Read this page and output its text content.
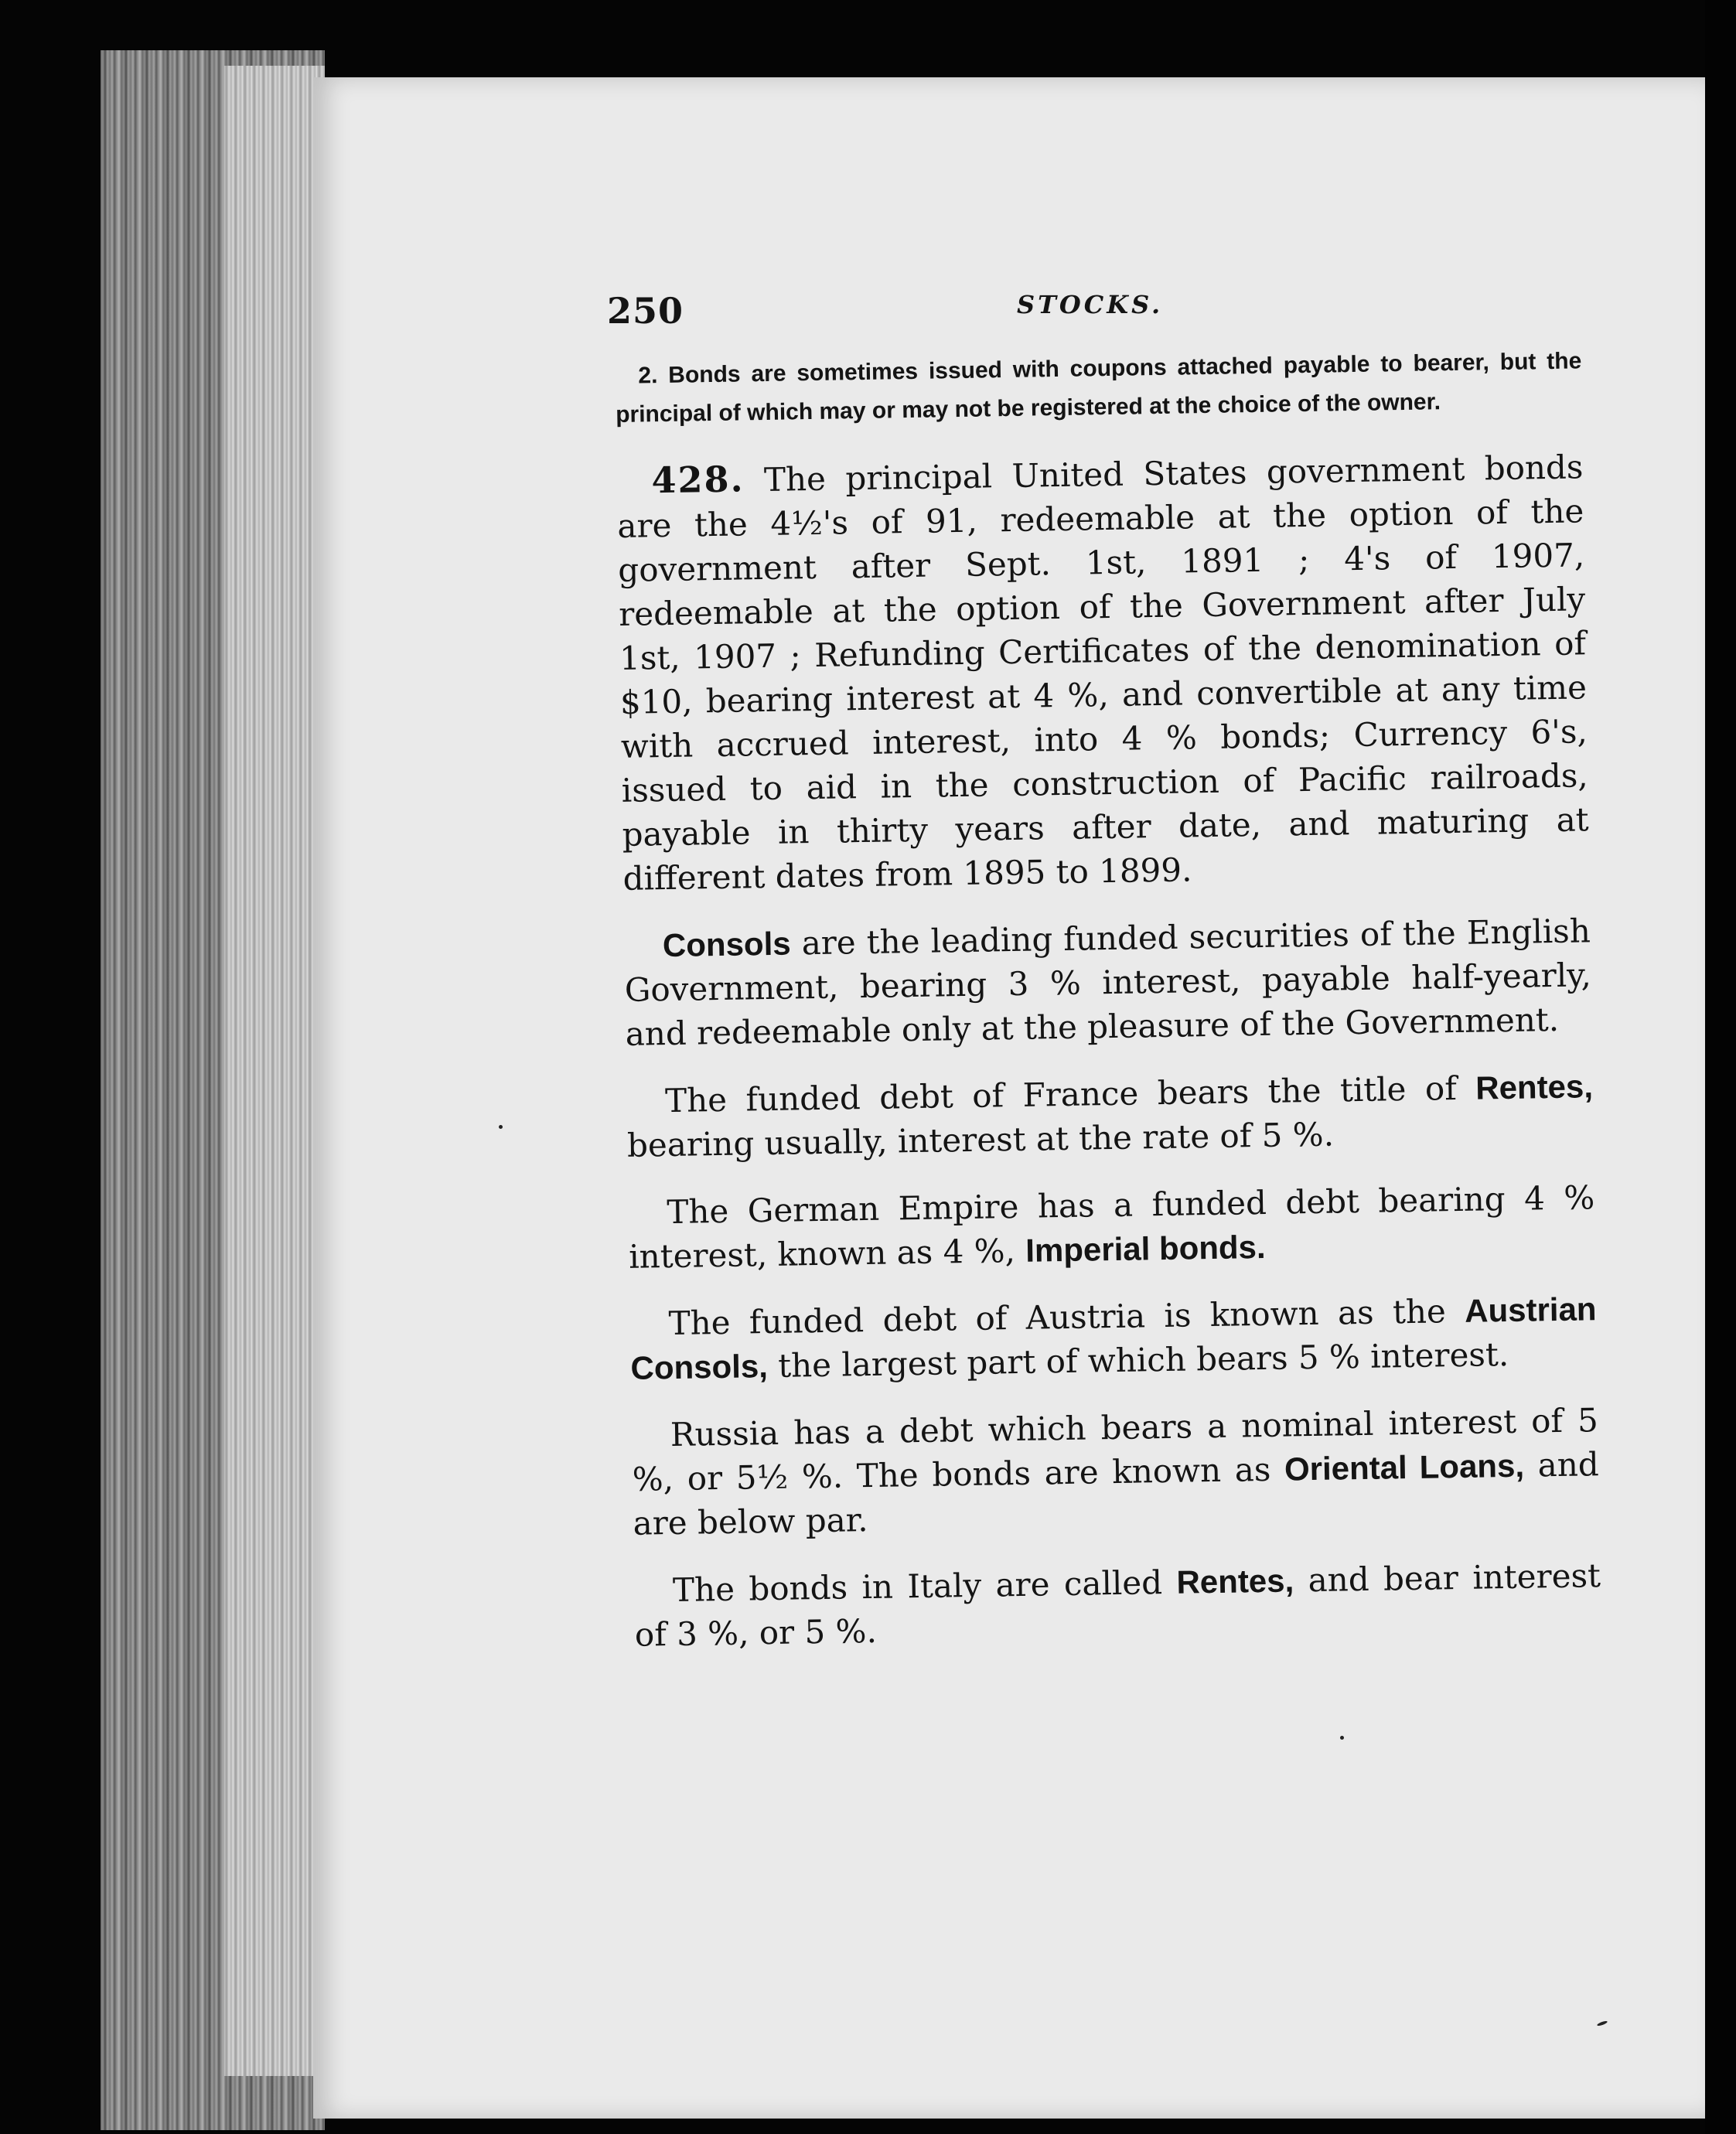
250	STOCKS.

2. Bonds are sometimes issued with coupons attached payable to bearer, but the principal of which may or may not be registered at the choice of the owner.

428. The principal United States government bonds are the 4½'s of 91, redeemable at the option of the government after Sept. 1st, 1891 ; 4's of 1907, redeemable at the option of the Government after July 1st, 1907 ; Refunding Certificates of the denomination of $10, bearing interest at 4 %, and convertible at any time with accrued interest, into 4 % bonds; Currency 6's, issued to aid in the construction of Pacific railroads, payable in thirty years after date, and maturing at different dates from 1895 to 1899.

Consols are the leading funded securities of the English Government, bearing 3 % interest, payable half-yearly, and redeemable only at the pleasure of the Government.

The funded debt of France bears the title of Rentes, bearing usually, interest at the rate of 5 %.

The German Empire has a funded debt bearing 4 % interest, known as 4 %, Imperial bonds.

The funded debt of Austria is known as the Austrian Consols, the largest part of which bears 5 % interest.

Russia has a debt which bears a nominal interest of 5 %, or 5½ %. The bonds are known as Oriental Loans, and are below par.

The bonds in Italy are called Rentes, and bear interest of 3 %, or 5 %.
